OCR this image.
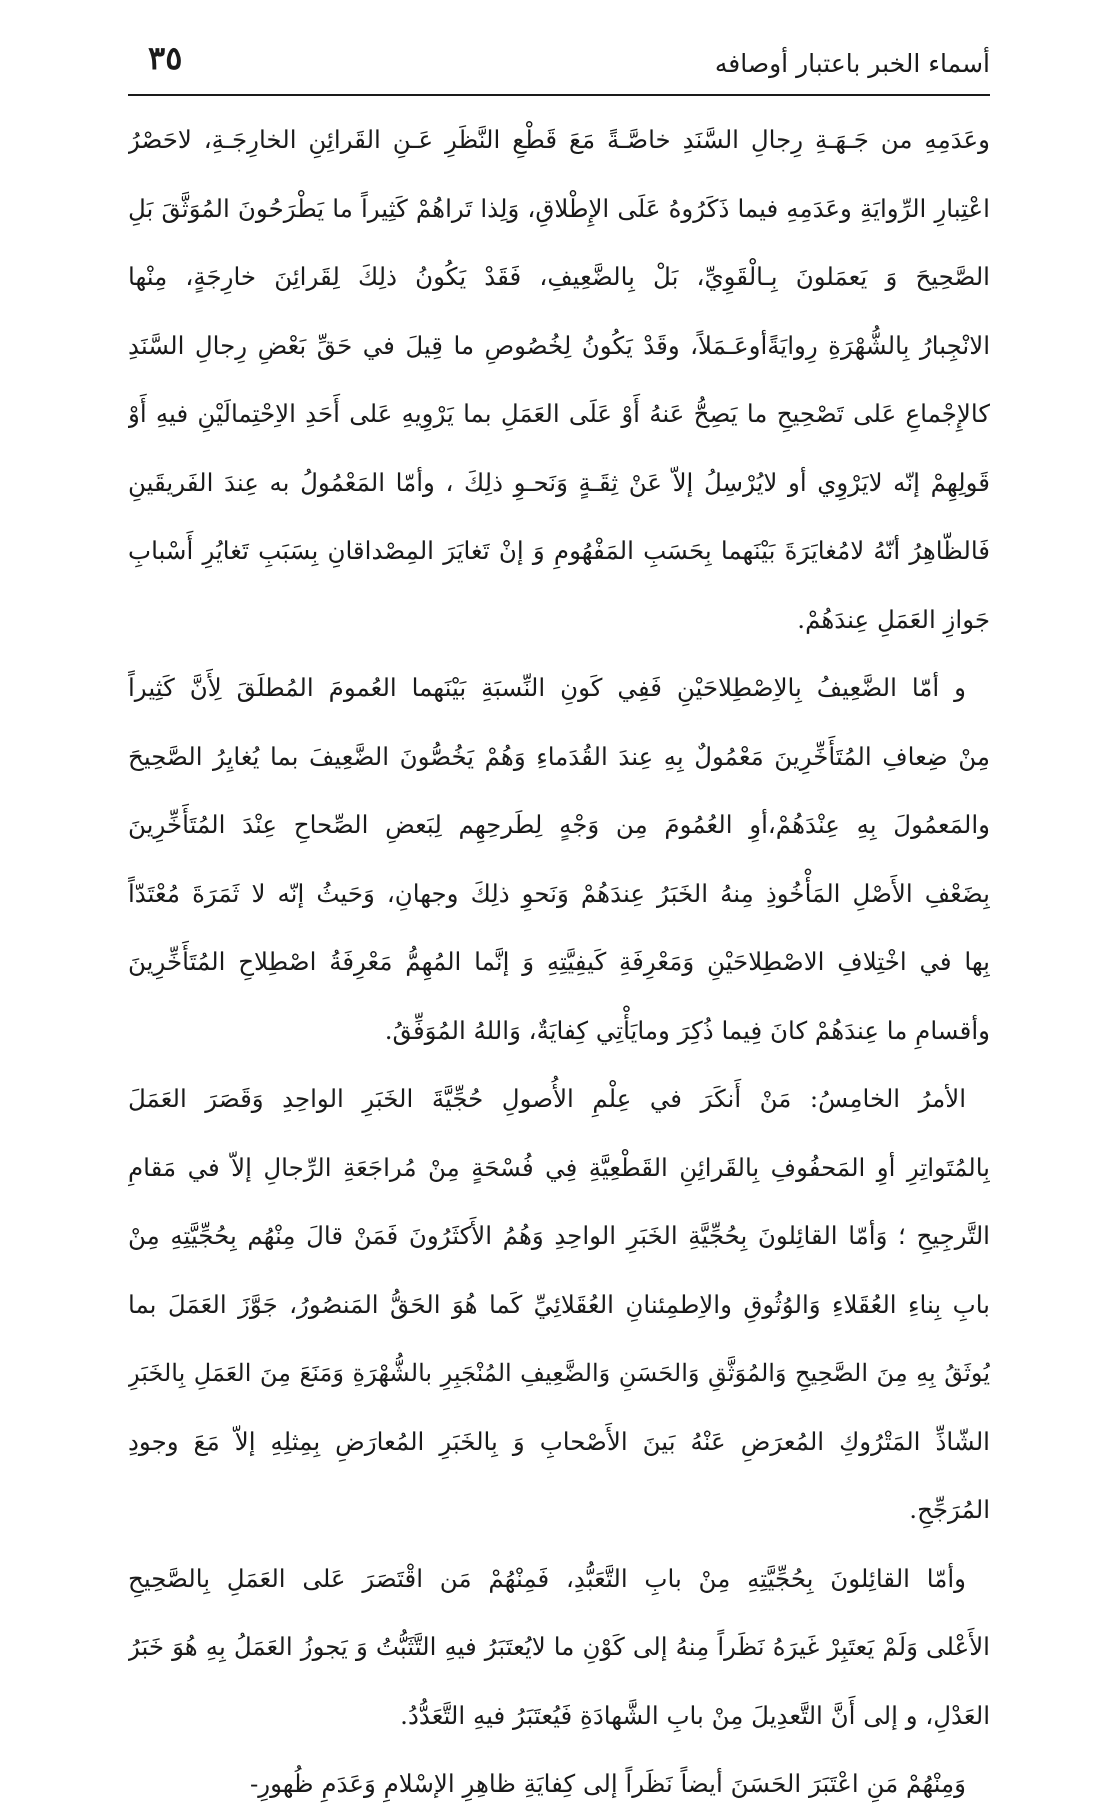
أسماء الخبر باعتبار أوصافه
٣٥
وعَدَمِهِ من جَـهَـةِ رِجالِ السَّنَدِ خاصَّـةً مَعَ قَطْعِ النَّظَرِ عَـنِ القَرائِنِ الخارِجَـةِ، لاحَصْرُ
اعْتِبارِ الرِّوايَةِ وعَدَمِهِ فيما ذَكَرُوهُ عَلَى الإِطْلاقِ، وَلِذا تَراهُمْ كَثِيراً ما يَطْرَحُونَ المُوَثَّقَ بَلِ
الصَّحِيحَ وَ يَعمَلونَ بِـالْقَوِيِّ، بَلْ بِالضَّعِيفِ، فَقَدْ يَكُونُ ذلِكَ لِقَرائِنَ خارِجَةٍ، مِنْها
الانْجِبارُ بِالشُّهْرَةِ رِوايَةًأوعَـمَلاً، وقَدْ يَكُونُ لِخُصُوصِ ما قِيلَ في حَقِّ بَعْضِ رِجالِ السَّنَدِ
كالإِجْماعِ عَلى تَصْحِيحِ ما يَصِحُّ عَنهُ أَوْ عَلَى العَمَلِ بما يَرْوِيهِ عَلى أَحَدِ الاِحْتِمالَيْنِ فيهِ أَوْ
قَولِهِمْ إنّه لايَرْوِي أو لايُرْسِلُ إلاّ عَنْ ثِقَـةٍ وَنَحـوِ ذلِكَ ، وأمّا المَعْمُولُ به عِندَ الفَريقَينِ
فَالظّاهِرُ أنّهُ لامُغايَرَةَ بَيْنَهما بِحَسَبِ المَفْهُومِ وَ إنْ تَغايَرَ المِصْداقانِ بِسَبَبِ تَغايُرِ أَسْبابِ
جَوازِ العَمَلِ عِندَهُمْ.
و أمّا الضَّعِيفُ بِالاِصْطِلاحَيْنِ فَفِي كَونِ النِّسبَةِ بَيْنَهما العُمومَ المُطلَقَ لِأَنَّ كَثِيراً
مِنْ ضِعافِ المُتَأَخِّرِينَ مَعْمُولٌ بِهِ عِندَ القُدَماءِ وَهُمْ يَخُصُّونَ الضَّعِيفَ بما يُغايِرُ الصَّحِيحَ
والمَعمُولَ بِهِ عِنْدَهُمْ،أوِ العُمُومَ مِن وَجْهٍ لِطَرحِهِم لِبَعضِ الصِّحاحِ عِنْدَ المُتَأَخِّرِينَ
بِضَعْفِ الأَصْلِ المَأْخُوذِ مِنهُ الخَبَرُ عِندَهُمْ وَنَحوِ ذلِكَ وجهانِ، وَحَيثُ إنّه لا ثَمَرَةَ مُعْتَدّاً
بِها في اخْتِلافِ الاصْطِلاحَيْنِ وَمَعْرِفَةِ كَيفِيَّتِهِ وَ إنَّما المُهِمُّ مَعْرِفَةُ اصْطِلاحِ المُتَأَخِّرِينَ
وأقسامِ ما عِندَهُمْ كانَ فِيما ذُكِرَ ومايَأْتِي كِفايَةٌ، وَاللهُ المُوَفِّقُ.
الأمرُ الخامِسُ: مَنْ أَنكَرَ في عِلْمِ الأُصولِ حُجِّيَّةَ الخَبَرِ الواحِدِ وَقَصَرَ العَمَلَ
بِالمُتَواتِرِ أوِ المَحفُوفِ بِالقَرائِنِ القَطْعِيَّةِ فِي فُسْحَةٍ مِنْ مُراجَعَةِ الرِّجالِ إلاّ في مَقامِ
التَّرجِيحِ ؛ وَأمّا القائِلونَ بِحُجِّيَّةِ الخَبَرِ الواحِدِ وَهُمُ الأَكثَرُونَ فَمَنْ قالَ مِنْهُم بِحُجِّيَّتِهِ مِنْ
بابِ بِناءِ العُقَلاءِ وَالوُثُوقِ والاِطمِئنانِ العُقَلائِيِّ كَما هُوَ الحَقُّ المَنصُورُ، جَوَّزَ العَمَلَ بما
يُوثَقُ بِهِ مِنَ الصَّحِيحِ وَالمُوَثَّقِ وَالحَسَنِ وَالضَّعِيفِ المُنْجَبِرِ بالشُّهْرَةِ وَمَنَعَ مِنَ العَمَلِ بِالخَبَرِ
الشّاذِّ المَتْرُوكِ المُعرَضِ عَنْهُ بَينَ الأَصْحابِ وَ بِالخَبَرِ المُعارَضِ بِمِثلِهِ إلاّ مَعَ وجودِ
المُرَجِّحِ.
وأمّا القائِلونَ بِحُجِّيَّتِهِ مِنْ بابِ التَّعَبُّدِ، فَمِنْهُمْ مَن اقْتَصَرَ عَلى العَمَلِ بِالصَّحِيحِ
الأَعْلى وَلَمْ يَعتَبِرْ غَيرَهُ نَظَراً مِنهُ إلى كَوْنِ ما لايُعتَبَرُ فيهِ التَّثَبُّتُ وَ يَجوزُ العَمَلُ بِهِ هُوَ خَبَرُ
العَدْلِ، و إلى أَنَّ التَّعدِيلَ مِنْ بابِ الشَّهادَةِ فَيُعتَبَرُ فيهِ التَّعَدُّدُ.
وَمِنْهُمْ مَنِ اعْتَبَرَ الحَسَنَ أيضاً نَظَراً إلى كِفايَةِ ظاهِرِ الإسْلامِ وَعَدَمِ ظُهورِ-
